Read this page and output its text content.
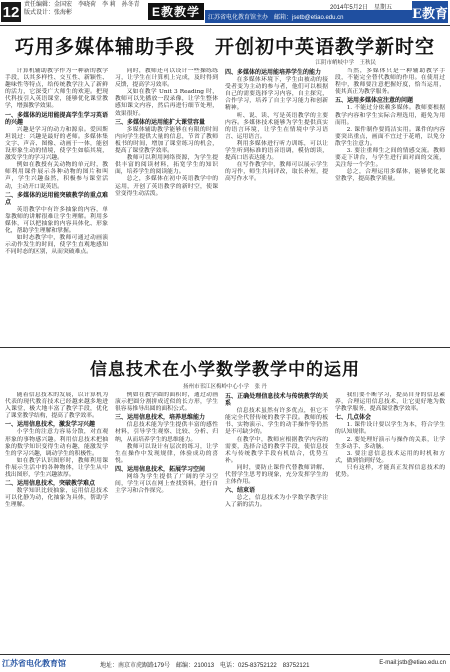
12 责任编辑：金国宏　李晓荷　李 莉　孙冬青
版式设计：张海彬	E教教学	江苏省电化教育馆主办　邮箱：jsetb@etiao.edu.cn
2014年5月2日　星期五 E教育
巧用多媒体辅助手段　开创初中英语教学新时空
江阴市峭岐中学　王秋民

计算机辅助教学作为一种新的教学手段，以其多样性、交互性、新颖性、趣味性等特点，给传统教学注入了新鲜的活力，它深受广大师生的欢迎。把现代科技引入英语课堂，能够优化课堂教学，增强教学效果。

一、多媒体的运用能提高学生学习英语的兴趣

兴趣是学习的动力和源泉。爱因斯坦说过：兴趣是最好的老师。多媒体集文字、声音、图像、动画于一体，能创设形象生动的情境，使学生如临其境，激发学生的学习兴趣。

例如在教授有关动物的单元时，教师利用课件展示各种动物的图片和叫声，学生兴趣盎然，积极参与课堂活动，主动开口说英语。

二、多媒体的运用能突破教学的重点难点

英语教学中有许多抽象的内容，单靠教师的讲解很难让学生理解。利用多媒体，可以把抽象的内容具体化、形象化，帮助学生理解和掌握。

如时态教学中，教师可通过动画演示动作发生的时间，使学生直观地感知不同时态的区别，从而突破难点。

同时，教师还可以设计一些操练练习，让学生在计算机上完成，及时得到反馈，提高学习效率。

又如在教学 Unit 3 Reading 时，教师可以先播放一段录像，让学生整体感知课文内容，然后再进行细节处理，效果很好。

三、多媒体的运用能扩大课堂容量

多媒体辅助教学能够在有限的时间内向学生提供大量的信息，节省了教师板书的时间，增加了课堂练习的机会，提高了课堂教学效率。

教师可以利用网络资源，为学生提供丰富的阅读材料，拓宽学生的知识面，培养学生的阅读能力。

总之，多媒体在初中英语教学中的运用，开创了英语教学的新时空，使课堂变得生动活泼。

四、多媒体的运用能培养学生的能力

在多媒体环境下，学生由被动的接受者变为主动的参与者，他们可以根据自己的需要选择学习内容，自主探究，合作学习，培养了自主学习能力和创新精神。

听、说、读、写是英语教学的主要内容。多媒体技术能够为学生提供真实的语言环境，让学生在情境中学习语言、运用语言。

利用多媒体进行听力训练，可以让学生听到标准的语音语调，模仿朗读，提高口语表达能力。

在写作教学中，教师可以展示学生的习作，师生共同评改，取长补短，提高写作水平。

当然，多媒体只是一种辅助教学手段，不能完全替代教师的作用。在使用过程中，教师要注意把握好度，恰当运用，使其真正为教学服务。

五、运用多媒体应注意的问题

1. 不能过分依赖多媒体。教师要根据教学内容和学生实际合理选用，避免为用而用。

2. 课件制作要简洁实用。课件的内容要突出重点，画面不宜过于花哨，以免分散学生注意力。

3. 要注重师生之间的情感交流。教师要走下讲台，与学生进行面对面的交流，关注每一个学生。

总之，合理运用多媒体，能够优化课堂教学，提高教学质量。

信息技术在小学数学教学中的运用
扬州市邗江区梅岭中心小学　张 丹

随着信息技术的发展，以计算机为代表的现代教育技术已经越来越多地进入课堂，极大地丰富了教学手段，优化了课堂教学结构，提高了教学效率。

一、运用信息技术，激发学习兴趣

小学生的注意力容易分散，对直观形象的事物感兴趣。利用信息技术把抽象的数学知识变得生动有趣，能激发学生的学习兴趣，调动学生的积极性。

如在教学认识图形时，教师利用课件展示生活中的各种物体，让学生从中找出图形，学生兴趣浓厚。

二、运用信息技术，突破教学难点

数学知识比较抽象，运用信息技术可以化静为动，化抽象为具体，帮助学生理解。

例如在教学圆的面积时，通过动画演示把圆分割拼成近似的长方形，学生很容易推导出圆的面积公式。

三、运用信息技术，培养思维能力

信息技术能为学生提供丰富的感性材料，引导学生观察、比较、分析、归纳，从而培养学生的思维能力。

教师可以设计有层次的练习，让学生在操作中发现规律，体验成功的喜悦。

四、运用信息技术，拓展学习空间

网络为学生提供了广阔的学习空间，学生可以在网上查找资料，进行自主学习和合作探究。

五、正确处理信息技术与传统教学的关系

信息技术虽然有许多优点，但它不能完全代替传统的教学手段。教师的板书、实物演示、学生的动手操作等仍然是不可缺少的。

在教学中，教师应根据教学内容的需要，选择合适的教学手段，使信息技术与传统教学手段有机结合，优势互补。

同时，要防止课件代替教师讲解、代替学生思考的现象，充分发挥学生的主体作用。

六、结束语

总之，信息技术为小学数学教学注入了新的活力。

我们要不断学习，提高自身的信息素养，合理运用信息技术，让它更好地为数学教学服务，提高课堂教学效率。

七、几点体会

1. 课件设计要以学生为本，符合学生的认知规律。

2. 要处理好演示与操作的关系，让学生多动手、多动脑。

3. 要注意信息技术运用的时机和方式，做到恰到好处。

只有这样，才能真正发挥信息技术的优势。

江苏省电化教育馆	地址：南京市虎踞路179号　邮编：210013　电话：025-83752122　83752121	E-mail:jstb@etiao.edu.cn
